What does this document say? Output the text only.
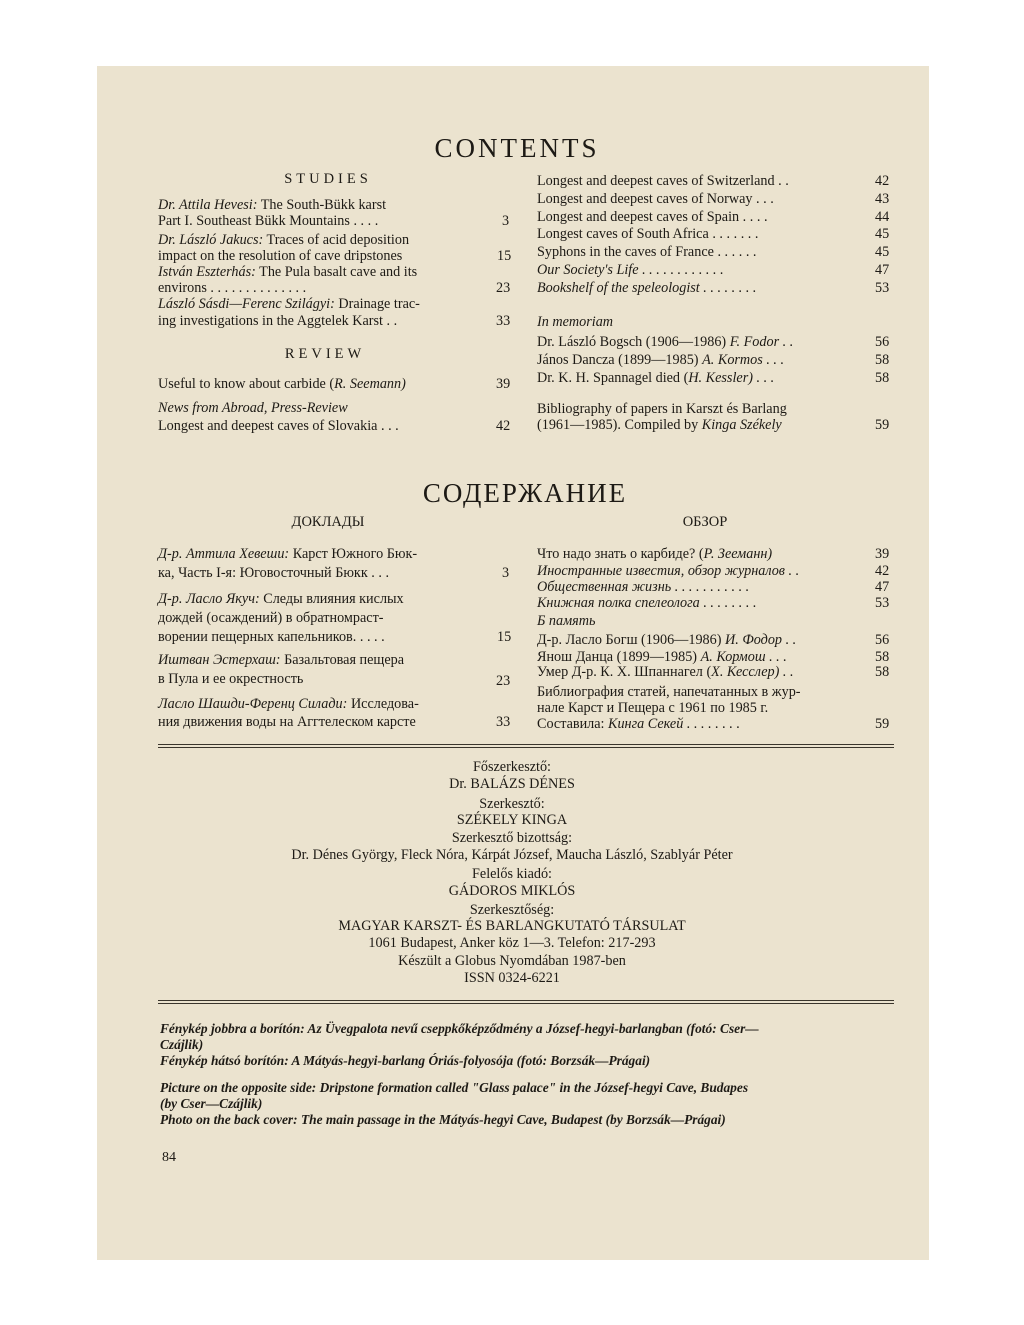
CONTENTS
STUDIES
Dr. Attila Hevesi: The South-Bükk karst
Part I. Southeast Bükk Mountains . . . .	3
Dr. László Jakucs: Traces of acid deposition
impact on the resolution of cave dripstones	15
István Eszterhás: The Pula basalt cave and its
environs . . . . . . . . . . . . . .	23
László Sásdi—Ferenc Szilágyi: Drainage trac-
ing investigations in the Aggtelek Karst . .	33
REVIEW
Useful to know about carbide (R. Seemann)	39
News from Abroad, Press-Review
Longest and deepest caves of Slovakia . . .	42
Longest and deepest caves of Switzerland . .	42
Longest and deepest caves of Norway . . .	43
Longest and deepest caves of Spain . . . .	44
Longest caves of South Africa . . . . . . .	45
Syphons in the caves of France . . . . . .	45
Our Society's Life . . . . . . . . . . . .	47
Bookshelf of the speleologist . . . . . . . .	53
In memoriam
Dr. László Bogsch (1906—1986) F. Fodor . .	56
János Dancza (1899—1985) A. Kormos . . .	58
Dr. K. H. Spannagel died (H. Kessler) . . .	58
Bibliography of papers in Karszt és Barlang
(1961—1985). Compiled by Kinga Székely	59
СОДЕРЖАНИЕ
ДОКЛАДЫ	ОБЗОР
Д-р. Аттила Хевеши: Карст Южного Бюк-
ка, Часть I-я: Юговосточный Бюкк . . .	3
Д-р. Ласло Якуч: Следы влияния кислых
дождей (осаждений) в обратномраст-
ворении пещерных капельников. . . . .	15
Иштван Эстерхаш: Базальтовая пещера
в Пула и ее окрестность	23
Ласло Шашди-Ференц Силади: Исследова-
ния движения воды на Аггтелеском карсте	33
Что надо знать о карбиде? (Р. Зееманн)	39
Иностранные известия, обзор журналов . .	42
Общественная жизнь . . . . . . . . . . .	47
Книжная полка спелеолога . . . . . . . .	53
Б память
Д-р. Ласло Богш (1906—1986) И. Фодор . .	56
Янош Данца (1899—1985) А. Кормош . . .	58
Умер Д-р. К. Х. Шпаннагел (Х. Кесслер) . .	58
Библиография статей, напечатанных в жур-
нале Карст и Пещера с 1961 по 1985 г.
Составила: Кинга Секей . . . . . . . .	59
Főszerkesztő:
Dr. BALÁZS DÉNES
Szerkesztő:
SZÉKELY KINGA
Szerkesztő bizottság:
Dr. Dénes György, Fleck Nóra, Kárpát József, Maucha László, Szablyár Péter
Felelős kiadó:
GÁDOROS MIKLÓS
Szerkesztőség:
MAGYAR KARSZT- ÉS BARLANGKUTATÓ TÁRSULAT
1061 Budapest, Anker köz 1—3. Telefon: 217-293
Készült a Globus Nyomdában 1987-ben
ISSN 0324-6221
Fénykép jobbra a borítón: Az Üvegpalota nevű cseppkőképződmény a József-hegyi-barlangban (fotó: Cser—
Czájlik)
Fénykép hátsó borítón: A Mátyás-hegyi-barlang Óriás-folyosója (fotó: Borzsák—Prágai)
Picture on the opposite side: Dripstone formation called "Glass palace" in the József-hegyi Cave, Budapes
(by Cser—Czájlik)
Photo on the back cover: The main passage in the Mátyás-hegyi Cave, Budapest (by Borzsák—Prágai)
84
